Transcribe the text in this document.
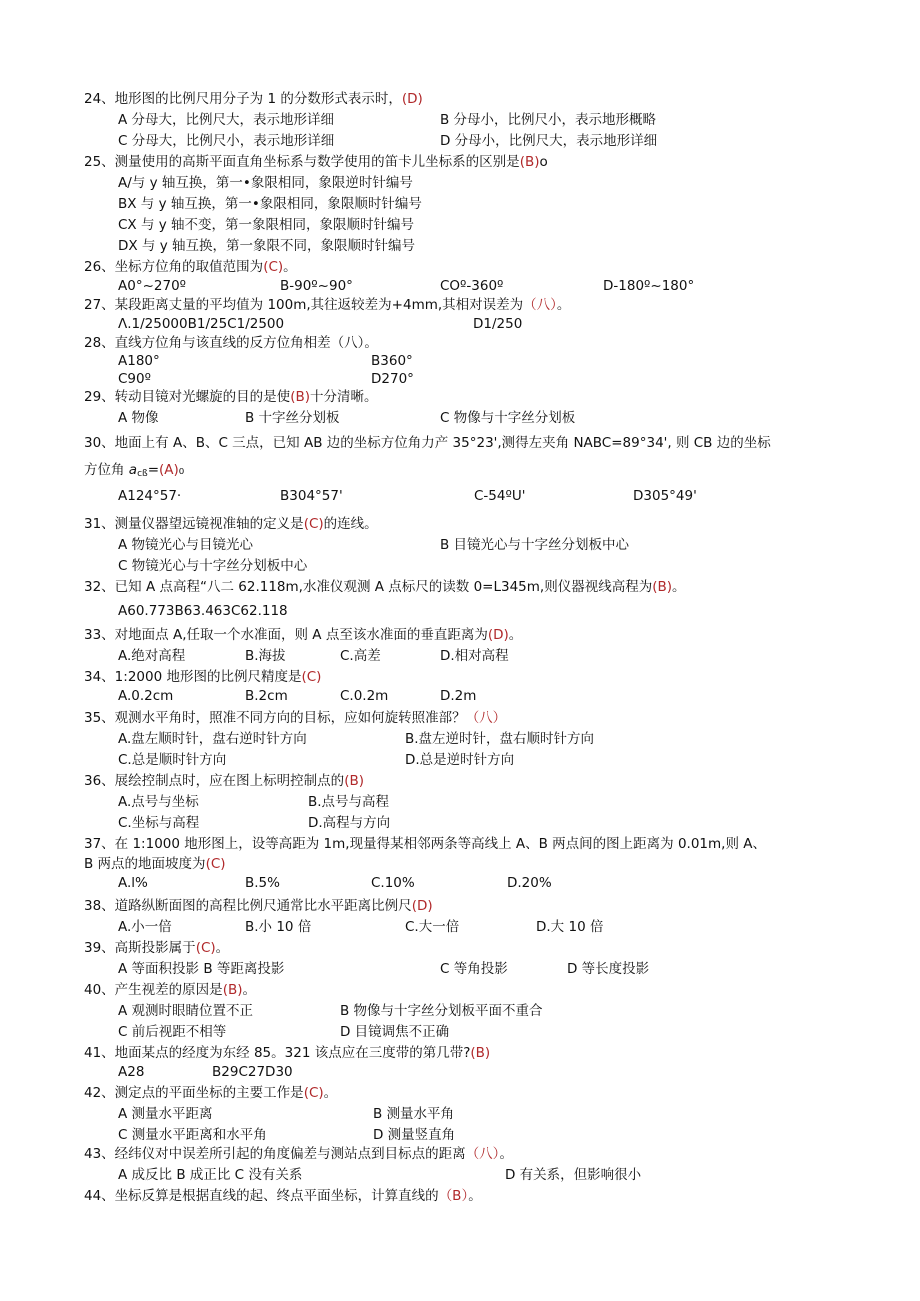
24、地形图的比例尺用分子为 1 的分数形式表示时，(D)
A 分母大，比例尺大，表示地形详细	B 分母小，比例尺小，表示地形概略
C 分母大，比例尺小，表示地形详细	D 分母小，比例尺大，表示地形详细
25、测量使用的高斯平面直角坐标系与数学使用的笛卡儿坐标系的区别是(B)o
A/与 y 轴互换，第一•象限相同，象限逆时针编号
BX 与 y 轴互换，第一•象限相同，象限顺时针编号
CX 与 y 轴不变，第一象限相同，象限顺时针编号
DX 与 y 轴互换，第一象限不同，象限顺时针编号
26、坐标方位角的取值范围为(C)。
A0°~270º	B-90º~90°	COº-360º	D-180º~180°
27、某段距离丈量的平均值为 100m,其往返较差为+4mm,其相对误差为（八）。
Λ.1/25000B1/25C1/2500	D1/250
28、直线方位角与该直线的反方位角相差（八）。
A180°	B360°
C90º	D270°
29、转动目镜对光螺旋的目的是使(B)十分清晰。
A 物像	B 十字丝分划板	C 物像与十字丝分划板
30、地面上有 A、B、C 三点，已知 AB 边的坐标方位角力产 35°23',测得左夹角 NABC=89°34', 则 CB 边的坐标
方位角 $a_{cß}=(A)_0$
A124°57·	B304°57'	C-54ºU'	D305°49'
31、测量仪器望远镜视准轴的定义是(C)的连线。
A 物镜光心与目镜光心	B 目镜光心与十字丝分划板中心
C 物镜光心与十字丝分划板中心
32、已知 A 点高程“八二 62.118m,水准仪观测 A 点标尺的读数 0=L345m,则仪器视线高程为(B)。
A60.773B63.463C62.118
33、对地面点 A,任取一个水准面，则 A 点至该水准面的垂直距离为(D)。
A.绝对高程	B.海拔	C.高差	D.相对高程
34、1:2000 地形图的比例尺精度是(C)
A.0.2cm	B.2cm	C.0.2m	D.2m
35、观测水平角时，照准不同方向的目标，应如何旋转照准部？（八）
A.盘左顺时针，盘右逆时针方向	B.盘左逆时针，盘右顺时针方向
C.总是顺时针方向	D.总是逆时针方向
36、展绘控制点时，应在图上标明控制点的(B)
A.点号与坐标	B.点号与高程
C.坐标与高程	D.高程与方向
37、在 1:1000 地形图上，设等高距为 1m,现量得某相邻两条等高线上 A、B 两点间的图上距离为 0.01m,则 A、
B 两点的地面坡度为(C)
A.l%	B.5%	C.10%	D.20%
38、道路纵断面图的高程比例尺通常比水平距离比例尺(D)
A.小一倍	B.小 10 倍	C.大一倍	D.大 10 倍
39、高斯投影属于(C)。
A 等面积投影 B 等距离投影	C 等角投影	D 等长度投影
40、产生视差的原因是(B)。
A 观测时眼睛位置不正	B 物像与十字丝分划板平面不重合
C 前后视距不相等	D 目镜调焦不正确
41、地面某点的经度为东经 85。321 该点应在三度带的第几带?(B)
A28	B29C27D30
42、测定点的平面坐标的主要工作是(C)。
A 测量水平距离	B 测量水平角
C 测量水平距离和水平角	D 测量竖直角
43、经纬仪对中误差所引起的角度偏差与测站点到目标点的距离（八）。
A 成反比 B 成正比 C 没有关系	D 有关系，但影响很小
44、坐标反算是根据直线的起、终点平面坐标，计算直线的（B）。
